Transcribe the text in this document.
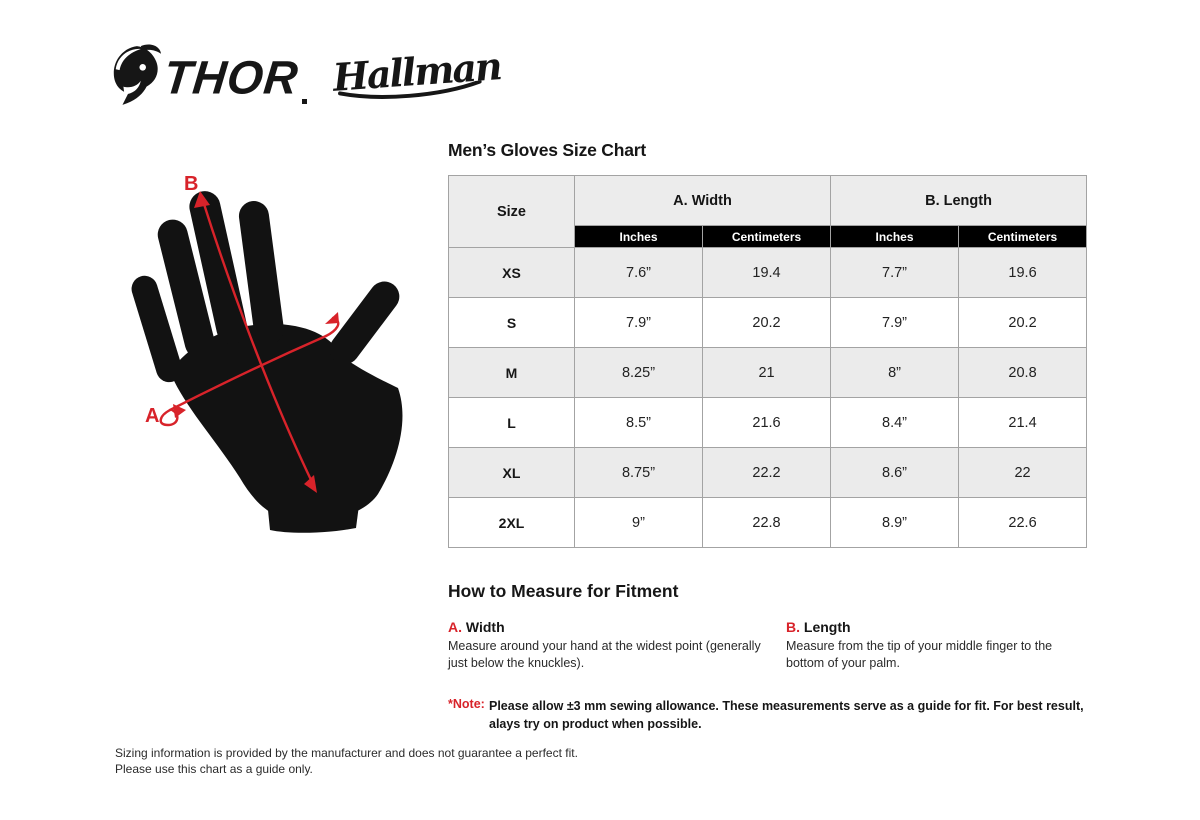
THOR Hallman
B
A
Men’s Gloves Size Chart
Size	A. Width		B. Length	
	Inches	Centimeters	Inches	Centimeters
XS	7.6”	19.4	7.7”	19.6
S	7.9”	20.2	7.9”	20.2
M	8.25”	21	8”	20.8
L	8.5”	21.6	8.4”	21.4
XL	8.75”	22.2	8.6”	22
2XL	9”	22.8	8.9”	22.6
How to Measure for Fitment
A. Width
Measure around your hand at the widest point (generally just below the knuckles).
B. Length
Measure from the tip of your middle finger to the bottom of your palm.
*Note: Please allow ±3 mm sewing allowance. These measurements serve as a guide for fit. For best result, alays try on product when possible.
Sizing information is provided by the manufacturer and does not guarantee a perfect fit.
Please use this chart as a guide only.
